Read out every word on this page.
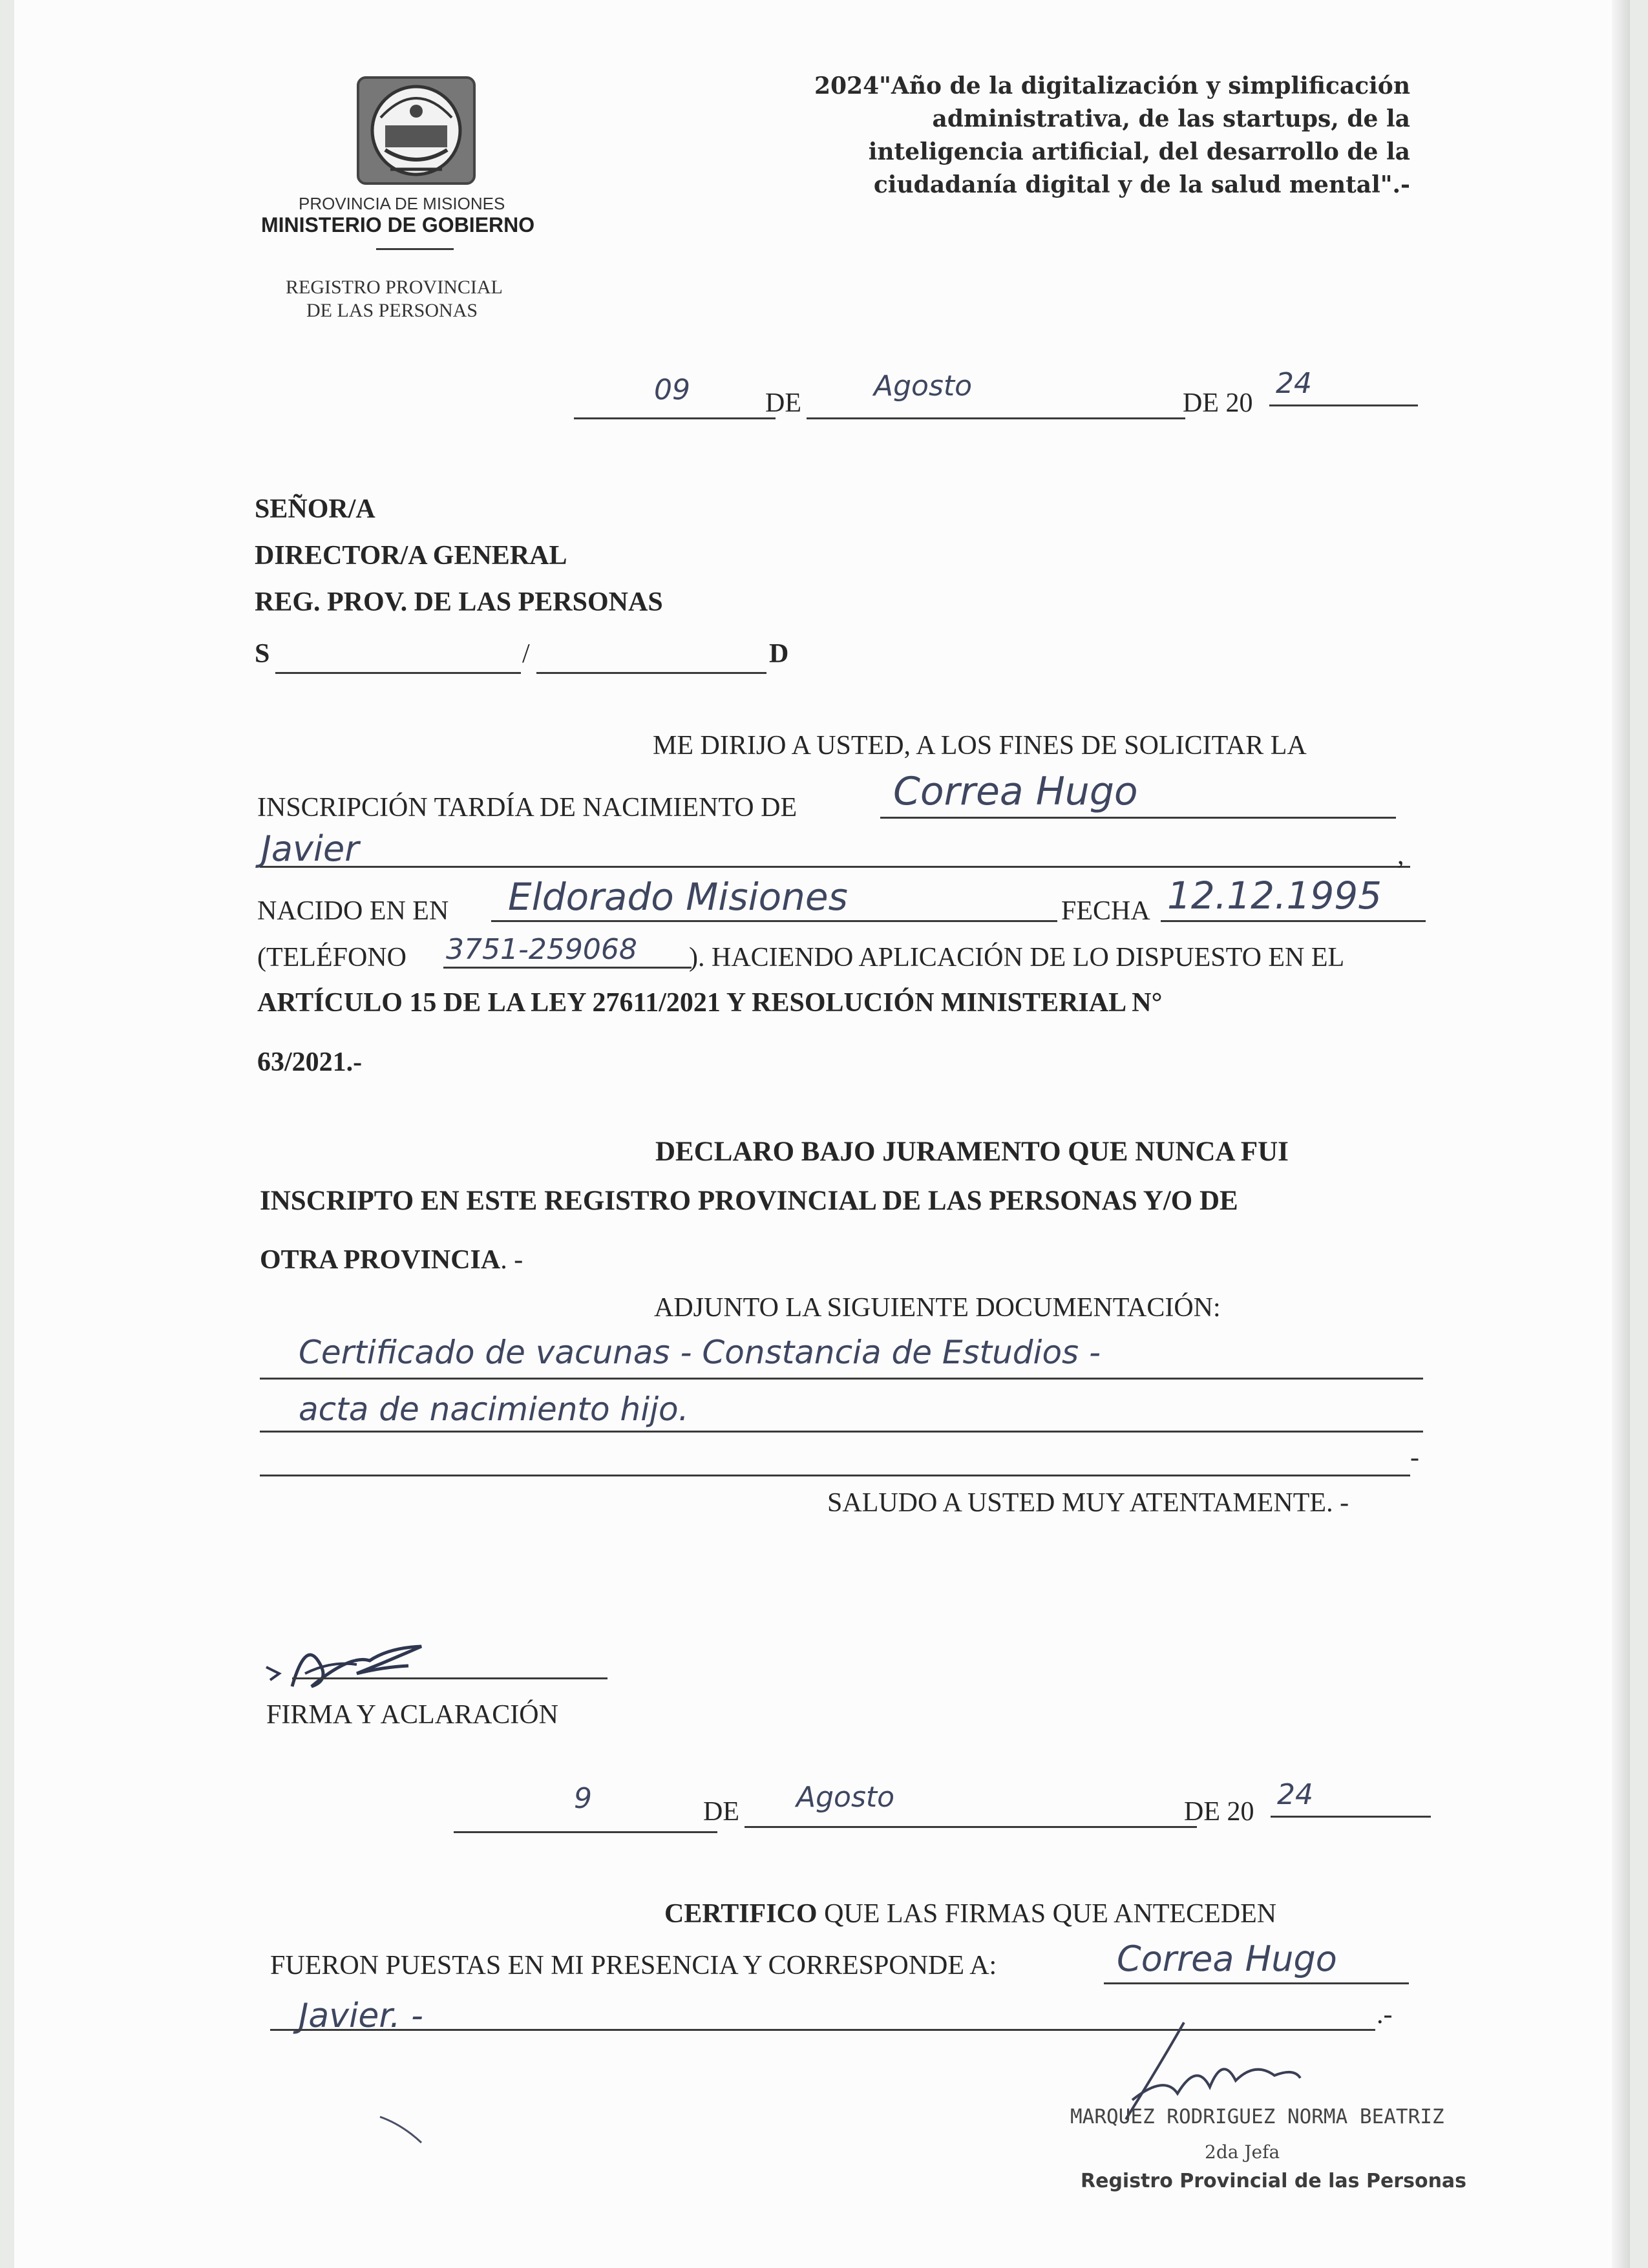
PROVINCIA DE MISIONES
MINISTERIO DE GOBIERNO
REGISTRO PROVINCIAL
DE LAS PERSONAS
2024"Año de la digitalización y simplificación
administrativa, de las startups, de la
inteligencia artificial, del desarrollo de la
ciudadanía digital y de la salud mental".-
09	DE
Agosto
DE 20
24
SEÑOR/A
DIRECTOR/A GENERAL
REG. PROV. DE LAS PERSONAS
S	/	D
ME DIRIJO A USTED, A LOS FINES DE SOLICITAR LA
INSCRIPCIÓN TARDÍA DE NACIMIENTO DE Correa Hugo
Javier	,
NACIDO EN EN Eldorado Misiones	FECHA 12.12.1995
(TELÉFONO 3751-259068 ). HACIENDO APLICACIÓN DE LO DISPUESTO EN EL
ARTÍCULO 15 DE LA LEY 27611/2021 Y RESOLUCIÓN MINISTERIAL N°
63/2021.-
DECLARO BAJO JURAMENTO QUE NUNCA FUI
INSCRIPTO EN ESTE REGISTRO PROVINCIAL DE LAS PERSONAS Y/O DE
OTRA PROVINCIA. -
ADJUNTO LA SIGUIENTE DOCUMENTACIÓN:
Certificado de vacunas - Constancia de Estudios -
acta de nacimiento hijo.
-
SALUDO A USTED MUY ATENTAMENTE. -
FIRMA Y ACLARACIÓN
9	DE Agosto	DE 20
24
CERTIFICO QUE LAS FIRMAS QUE ANTECEDEN
FUERON PUESTAS EN MI PRESENCIA Y CORRESPONDE A:	Correa Hugo
Javier. -	.-
MARQUEZ RODRIGUEZ NORMA BEATRIZ
2da Jefa
Registro Provincial de las Personas
